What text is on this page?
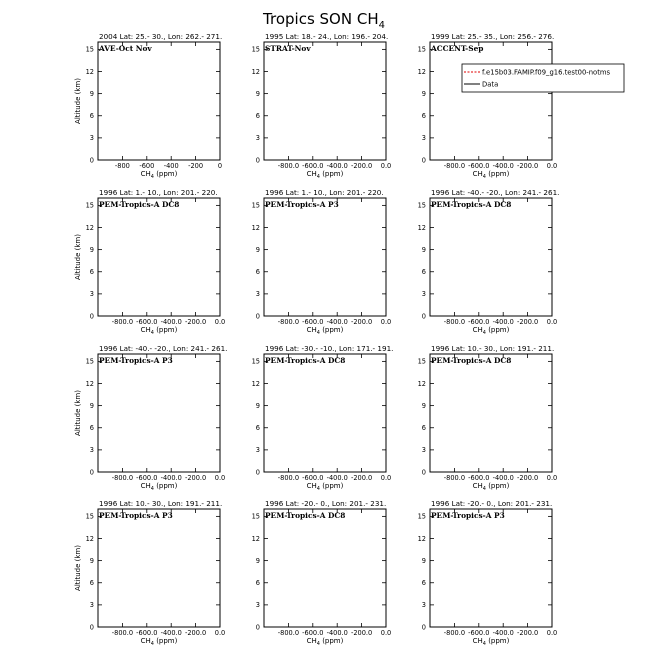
Tropics SON $CH_4$
2004 Lat: 25.- 30., Lon: 262.- 271.
AVE-Oct Nov
-800 -600 -400 -200 0
0
3
6
9
12
15
$CH_4$ (ppm)
Altitude (km)
1995 Lat: 18.- 24., Lon: 196.- 204.
STRAT-Nov
-800.0 -600.0 -400.0 -200.0 0.0
0
3
6
9
12
15
$CH_4$ (ppm)
1999 Lat: 25.- 35., Lon: 256.- 276.
ACCENT-Sep
-800.0 -600.0 -400.0 -200.0 0.0
0
3
6
9
12
15
$CH_4$ (ppm)
f.e15b03.FAMIP.f09_g16.test00-notms
Data
1996 Lat: 1.- 10., Lon: 201.- 220.
PEM-Tropics-A DC8
-800.0 -600.0 -400.0 -200.0 0.0
0
3
6
9
12
15
$CH_4$ (ppm)
Altitude (km)
1996 Lat: 1.- 10., Lon: 201.- 220.
PEM-Tropics-A P3
-800.0 -600.0 -400.0 -200.0 0.0
0
3
6
9
12
15
$CH_4$ (ppm)
1996 Lat: -40.- -20., Lon: 241.- 261.
PEM-Tropics-A DC8
-800.0 -600.0 -400.0 -200.0 0.0
0
3
6
9
12
15
$CH_4$ (ppm)
1996 Lat: -40.- -20., Lon: 241.- 261.
PEM-Tropics-A P3
-800.0 -600.0 -400.0 -200.0 0.0
0
3
6
9
12
15
$CH_4$ (ppm)
Altitude (km)
1996 Lat: -30.- -10., Lon: 171.- 191.
PEM-Tropics-A DC8
-800.0 -600.0 -400.0 -200.0 0.0
0
3
6
9
12
15
$CH_4$ (ppm)
1996 Lat: 10.- 30., Lon: 191.- 211.
PEM-Tropics-A DC8
-800.0 -600.0 -400.0 -200.0 0.0
0
3
6
9
12
15
$CH_4$ (ppm)
1996 Lat: 10.- 30., Lon: 191.- 211.
PEM-Tropics-A P3
-800.0 -600.0 -400.0 -200.0 0.0
0
3
6
9
12
15
$CH_4$ (ppm)
Altitude (km)
1996 Lat: -20.- 0., Lon: 201.- 231.
PEM-Tropics-A DC8
-800.0 -600.0 -400.0 -200.0 0.0
0
3
6
9
12
15
$CH_4$ (ppm)
1996 Lat: -20.- 0., Lon: 201.- 231.
PEM-Tropics-A P3
-800.0 -600.0 -400.0 -200.0 0.0
0
3
6
9
12
15
$CH_4$ (ppm)
